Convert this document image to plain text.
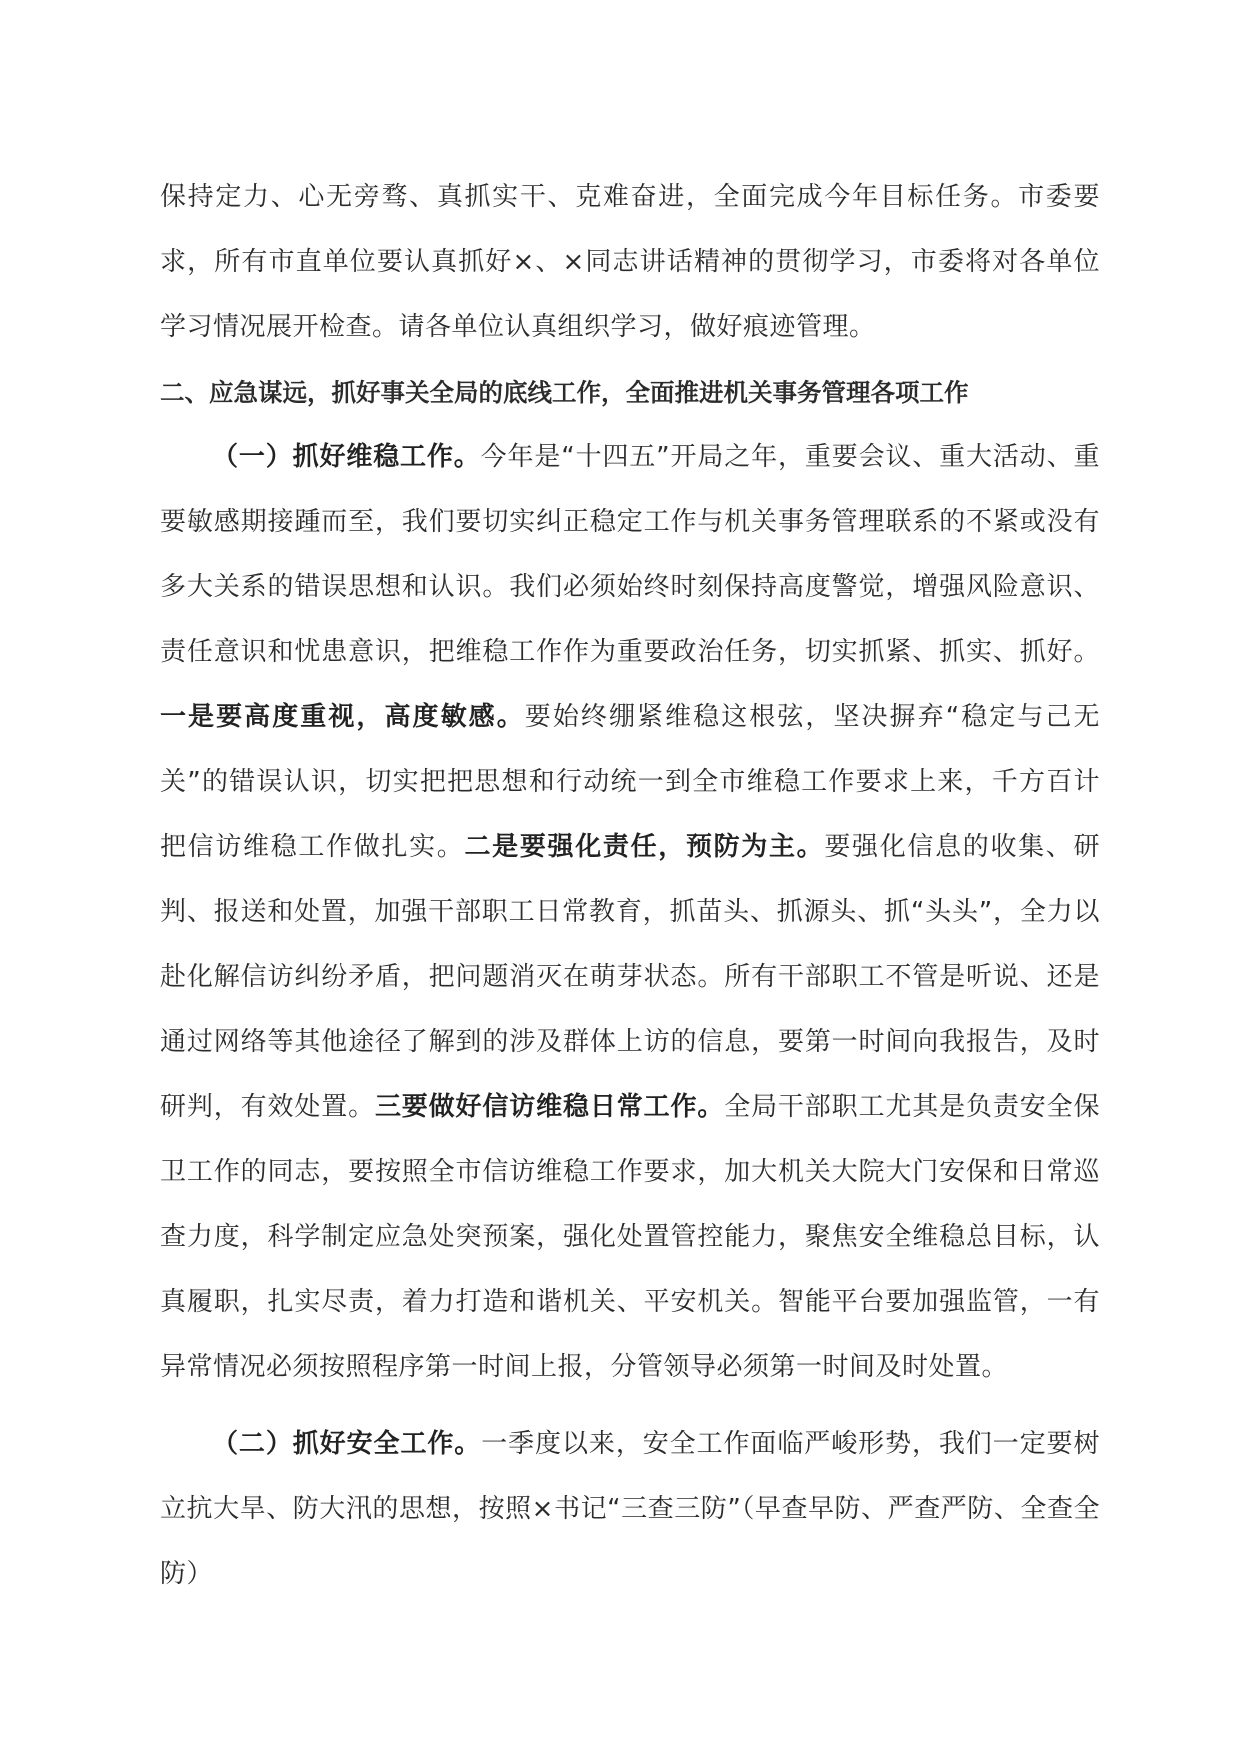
保持定力、心无旁骛、真抓实干、克难奋进，全面完成今年目标任务。市委要求，所有市直单位要认真抓好×、×同志讲话精神的贯彻学习，市委将对各单位学习情况展开检查。请各单位认真组织学习，做好痕迹管理。

二、应急谋远，抓好事关全局的底线工作，全面推进机关事务管理各项工作

（一）抓好维稳工作。今年是“十四五”开局之年，重要会议、重大活动、重要敏感期接踵而至，我们要切实纠正稳定工作与机关事务管理联系的不紧或没有多大关系的错误思想和认识。我们必须始终时刻保持高度警觉，增强风险意识、责任意识和忧患意识，把维稳工作作为重要政治任务，切实抓紧、抓实、抓好。一是要高度重视，高度敏感。要始终绷紧维稳这根弦，坚决摒弃“稳定与己无关”的错误认识，切实把把思想和行动统一到全市维稳工作要求上来，千方百计把信访维稳工作做扎实。二是要强化责任，预防为主。要强化信息的收集、研判、报送和处置，加强干部职工日常教育，抓苗头、抓源头、抓“头头”，全力以赴化解信访纠纷矛盾，把问题消灭在萌芽状态。所有干部职工不管是听说、还是通过网络等其他途径了解到的涉及群体上访的信息，要第一时间向我报告，及时研判，有效处置。三要做好信访维稳日常工作。全局干部职工尤其是负责安全保卫工作的同志，要按照全市信访维稳工作要求，加大机关大院大门安保和日常巡查力度，科学制定应急处突预案，强化处置管控能力，聚焦安全维稳总目标，认真履职，扎实尽责，着力打造和谐机关、平安机关。智能平台要加强监管，一有异常情况必须按照程序第一时间上报，分管领导必须第一时间及时处置。

（二）抓好安全工作。一季度以来，安全工作面临严峻形势，我们一定要树立抗大旱、防大汛的思想，按照×书记“三查三防”（早查早防、严查严防、全查全防）
